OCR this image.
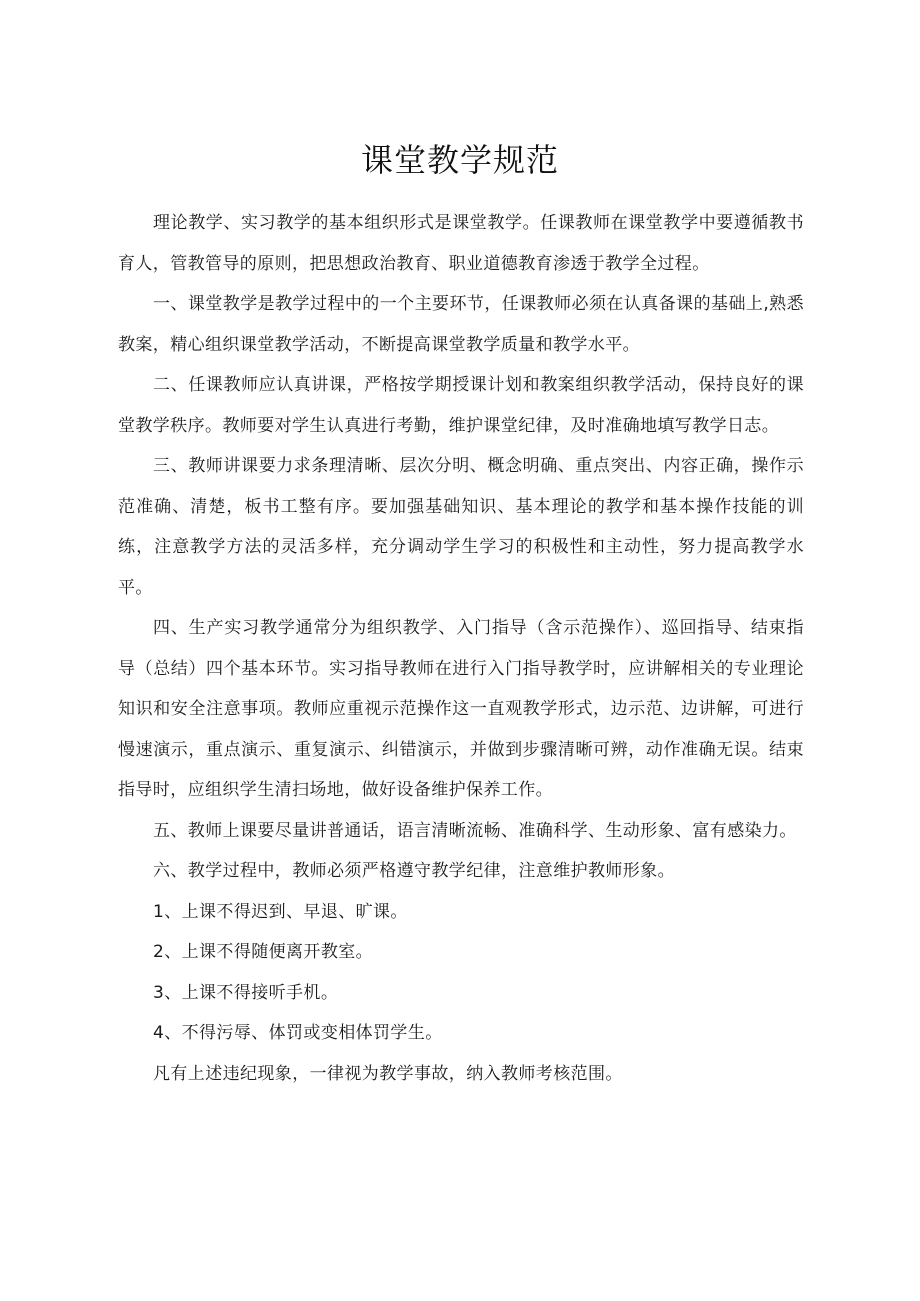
课堂教学规范

理论教学、实习教学的基本组织形式是课堂教学。任课教师在课堂教学中要遵循教书育人，管教管导的原则，把思想政治教育、职业道德教育渗透于教学全过程。

一、课堂教学是教学过程中的一个主要环节，任课教师必须在认真备课的基础上,熟悉教案，精心组织课堂教学活动，不断提高课堂教学质量和教学水平。

二、任课教师应认真讲课，严格按学期授课计划和教案组织教学活动，保持良好的课堂教学秩序。教师要对学生认真进行考勤，维护课堂纪律，及时准确地填写教学日志。

三、教师讲课要力求条理清晰、层次分明、概念明确、重点突出、内容正确，操作示范准确、清楚，板书工整有序。要加强基础知识、基本理论的教学和基本操作技能的训练，注意教学方法的灵活多样，充分调动学生学习的积极性和主动性，努力提高教学水平。

四、生产实习教学通常分为组织教学、入门指导（含示范操作）、巡回指导、结束指导（总结）四个基本环节。实习指导教师在进行入门指导教学时，应讲解相关的专业理论知识和安全注意事项。教师应重视示范操作这一直观教学形式，边示范、边讲解，可进行慢速演示，重点演示、重复演示、纠错演示，并做到步骤清晰可辨，动作准确无误。结束指导时，应组织学生清扫场地，做好设备维护保养工作。

五、教师上课要尽量讲普通话，语言清晰流畅、准确科学、生动形象、富有感染力。

六、教学过程中，教师必须严格遵守教学纪律，注意维护教师形象。

1、上课不得迟到、早退、旷课。

2、上课不得随便离开教室。

3、上课不得接听手机。

4、不得污辱、体罚或变相体罚学生。

凡有上述违纪现象，一律视为教学事故，纳入教师考核范围。
